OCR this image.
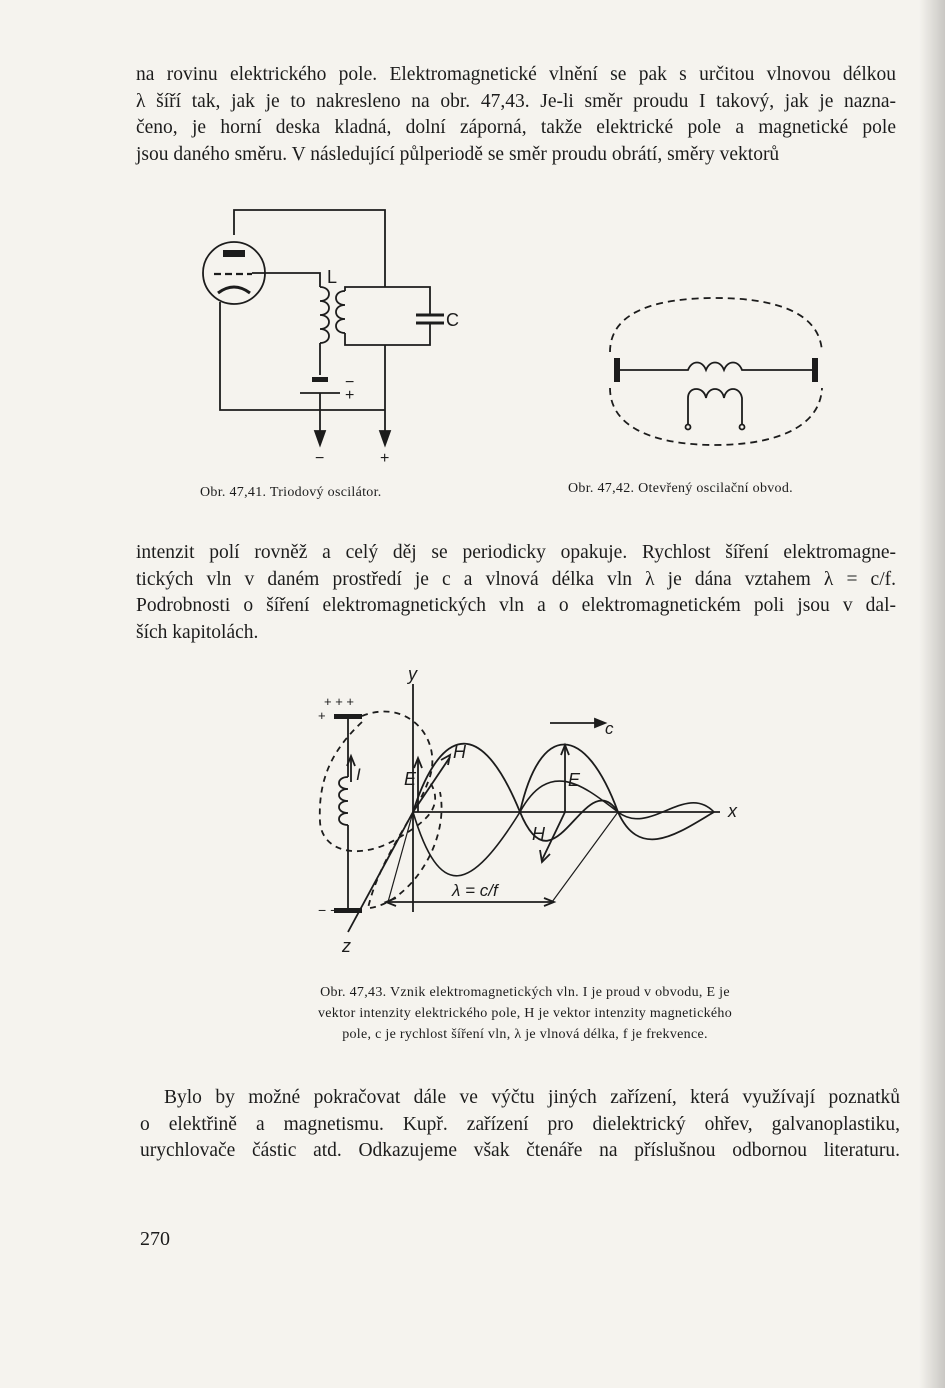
na rovinu elektrického pole. Elektromagnetické vlnění se pak s určitou vlnovou délkou
λ šíří tak, jak je to nakresleno na obr. 47,43. Je-li směr proudu I takový, jak je nazna-
čeno, je horní deska kladná, dolní záporná, takže elektrické pole a magnetické pole
jsou daného směru. V následující půlperiodě se směr proudu obrátí, směry vektorů
L
C
−
+
−	+
Obr. 47,41. Triodový oscilátor.	Obr. 47,42. Otevřený oscilační obvod.
intenzit polí rovněž a celý děj se periodicky opakuje. Rychlost šíření elektromagne-
tických vln v daném prostředí je c a vlnová délka vln λ je dána vztahem λ = c/f.
Podrobnosti o šíření elektromagnetických vln a o elektromagnetickém poli jsou v dal-
ších kapitolách.
y
x
z
c
H
H
E	E
I
λ = c/f
+ + +
+
− −
Obr. 47,43. Vznik elektromagnetických vln. I je proud v obvodu, E je
vektor intenzity elektrického pole, H je vektor intenzity magnetického
pole, c je rychlost šíření vln, λ je vlnová délka, f je frekvence.
Bylo by možné pokračovat dále ve výčtu jiných zařízení, která využívají poznatků
o elektřině a magnetismu. Kupř. zařízení pro dielektrický ohřev, galvanoplastiku,
urychlovače částic atd. Odkazujeme však čtenáře na příslušnou odbornou literaturu.
270
